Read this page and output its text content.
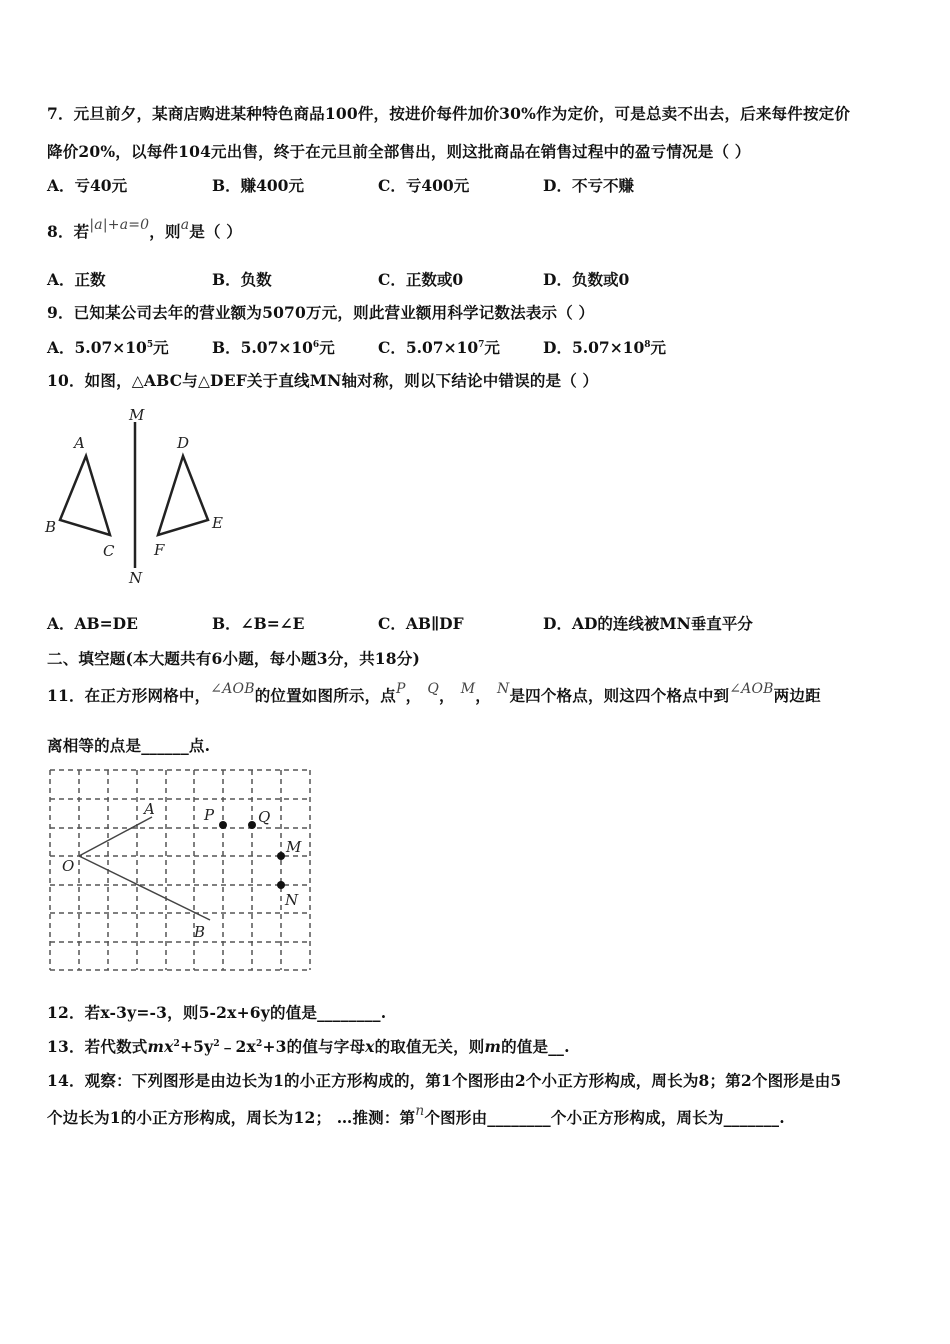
7．元旦前夕，某商店购进某种特色商品100件，按进价每件加价30%作为定价，可是总卖不出去，后来每件按定价
降价20%，以每件104元出售，终于在元旦前全部售出，则这批商品在销售过程中的盈亏情况是（ ）
A．亏40元	B．赚400元	C．亏400元	D．不亏不赚
8．若|a|+a=0，则a是（ ）
A．正数	B．负数	C．正数或0	D．负数或0
9．已知某公司去年的营业额为5070万元，则此营业额用科学记数法表示（ ）
A．$5.07\times 10^5$元	B．$5.07\times 10^6$元	C．$5.07\times 10^7$元	D．$5.07\times 10^8$元
10．如图，△ABC与△DEF关于直线MN轴对称，则以下结论中错误的是（ ）
M
N
A
B
C
D
E
F
A．AB=DE	B．∠B=∠E	C．AB∥DF	D．AD的连线被MN垂直平分
二、填空题(本大题共有6小题，每小题3分，共18分)
11．在正方形网格中，∠AOB的位置如图所示，点P， Q， M， N是四个格点，则这四个格点中到∠AOB两边距
离相等的点是______点.
A
B
O
P	Q
M
N
12．若x-3y=-3，则5-2x+6y的值是________.
13．若代数式$mx^2+5y^2﹣2x^2+3$的值与字母x的取值无关，则m的值是__.
14．观察：下列图形是由边长为1的小正方形构成的，第1个图形由2个小正方形构成，周长为8；第2个图形是由5
个边长为1的小正方形构成，周长为12； …推测：第n个图形由________个小正方形构成，周长为_______.
